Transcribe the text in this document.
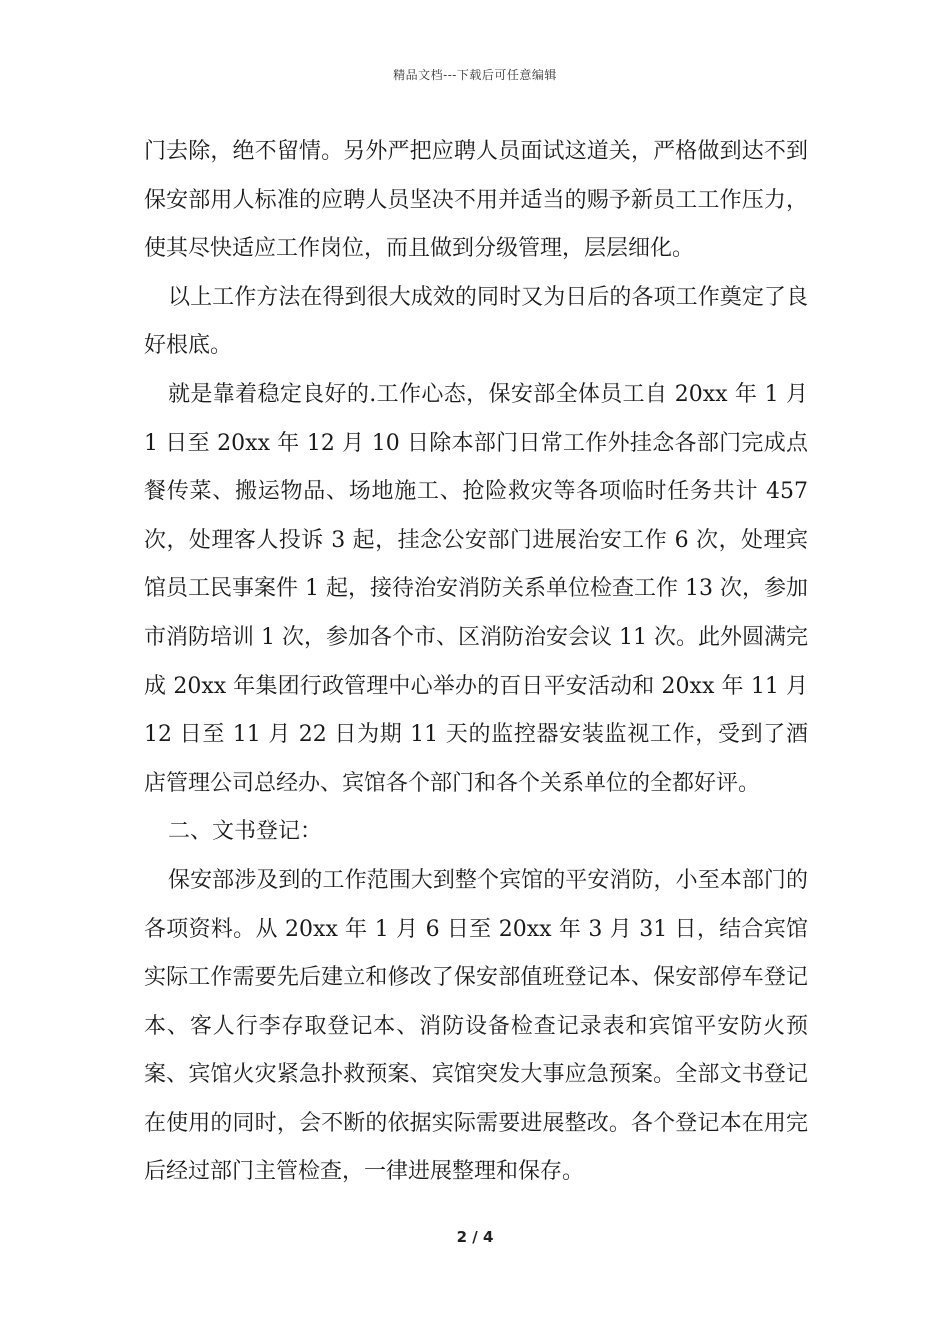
精品文档---下载后可任意编辑

门去除，绝不留情。另外严把应聘人员面试这道关，严格做到达不到保安部用人标准的应聘人员坚决不用并适当的赐予新员工工作压力，使其尽快适应工作岗位，而且做到分级管理，层层细化。

以上工作方法在得到很大成效的同时又为日后的各项工作奠定了良好根底。

就是靠着稳定良好的.工作心态，保安部全体员工自 20xx 年 1 月 1 日至 20xx 年 12 月 10 日除本部门日常工作外挂念各部门完成点餐传菜、搬运物品、场地施工、抢险救灾等各项临时任务共计 457 次，处理客人投诉 3 起，挂念公安部门进展治安工作 6 次，处理宾馆员工民事案件 1 起，接待治安消防关系单位检查工作 13 次，参加市消防培训 1 次，参加各个市、区消防治安会议 11 次。此外圆满完成 20xx 年集团行政管理中心举办的百日平安活动和 20xx 年 11 月 12 日至 11 月 22 日为期 11 天的监控器安装监视工作，受到了酒店管理公司总经办、宾馆各个部门和各个关系单位的全都好评。

二、文书登记：

保安部涉及到的工作范围大到整个宾馆的平安消防，小至本部门的各项资料。从 20xx 年 1 月 6 日至 20xx 年 3 月 31 日，结合宾馆实际工作需要先后建立和修改了保安部值班登记本、保安部停车登记本、客人行李存取登记本、消防设备检查记录表和宾馆平安防火预案、宾馆火灾紧急扑救预案、宾馆突发大事应急预案。全部文书登记在使用的同时，会不断的依据实际需要进展整改。各个登记本在用完后经过部门主管检查，一律进展整理和保存。

2 / 4
